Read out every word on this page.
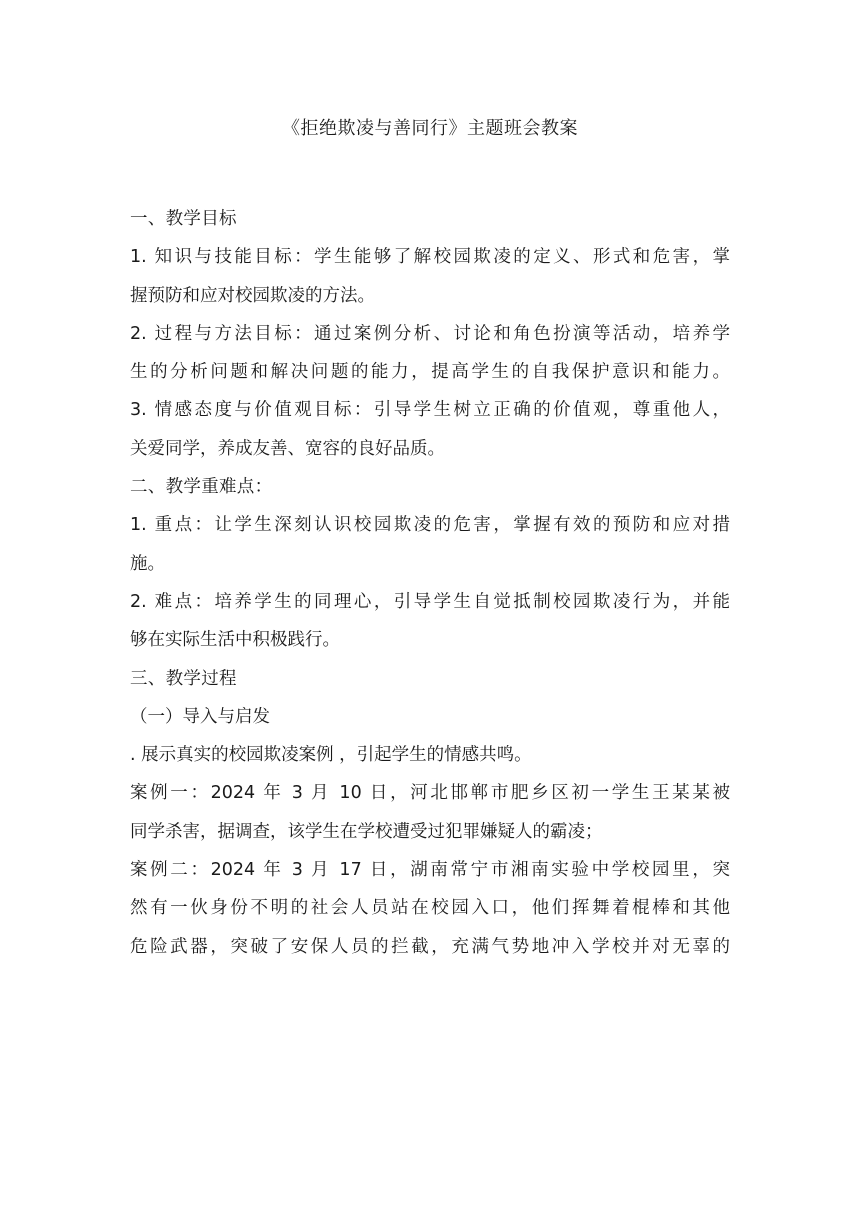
《拒绝欺凌与善同行》主题班会教案
一、教学目标
1. 知识与技能目标：学生能够了解校园欺凌的定义、形式和危害，掌
握预防和应对校园欺凌的方法。
2. 过程与方法目标：通过案例分析、讨论和角色扮演等活动，培养学
生的分析问题和解决问题的能力，提高学生的自我保护意识和能力。
3. 情感态度与价值观目标：引导学生树立正确的价值观，尊重他人，
关爱同学，养成友善、宽容的良好品质。
二、教学重难点：
1. 重点：让学生深刻认识校园欺凌的危害，掌握有效的预防和应对措
施。
2. 难点：培养学生的同理心，引导学生自觉抵制校园欺凌行为，并能
够在实际生活中积极践行。
三、教学过程
（一）导入与启发
. 展示真实的校园欺凌案例 ，引起学生的情感共鸣。
案例一：2024 年 3 月 10 日，河北邯郸市肥乡区初一学生王某某被
同学杀害，据调查，该学生在学校遭受过犯罪嫌疑人的霸凌；
案例二：2024 年 3 月 17 日，湖南常宁市湘南实验中学校园里，突
然有一伙身份不明的社会人员站在校园入口，他们挥舞着棍棒和其他
危险武器，突破了安保人员的拦截，充满气势地冲入学校并对无辜的
